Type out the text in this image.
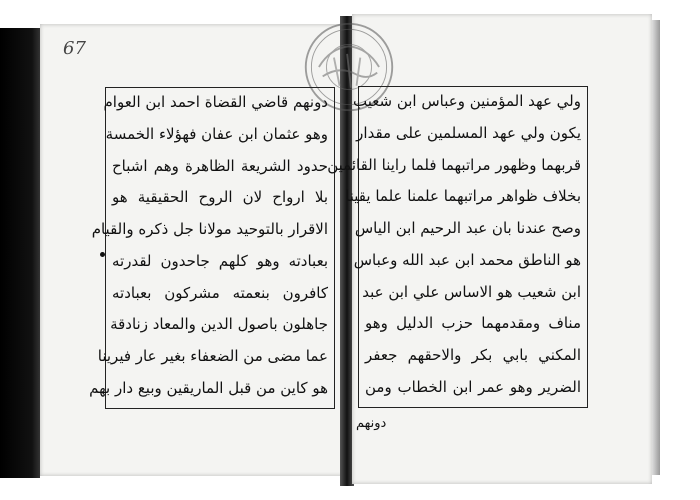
67
دونهم قاضي القضاة احمد ابن العوام
وهو عثمان ابن عفان فهؤلاء الخمسة
حدود الشريعة الظاهرة وهم اشباح
بلا ارواح لان الروح الحقيقية هو
الاقرار بالتوحيد مولانا جل ذكره والقيام
بعبادته وهو كلهم جاحدون لقدرته
كافرون بنعمته مشركون بعبادته
جاهلون باصول الدين والمعاد زنادقة
عما مضى من الضعفاء بغير عار فيرينا
هو كاين من قبل الماريقين وبيع دار بهم
ولي عهد المؤمنين وعباس ابن شعيب
يكون ولي عهد المسلمين على مقدار
قربهما وظهور مراتبهما فلما راينا القائمين
بخلاف ظواهر مراتبهما علمنا علما يقينا
وصح عندنا بان عبد الرحيم ابن الياس
هو الناطق محمد ابن عبد الله وعباس
ابن شعيب هو الاساس علي ابن عبد
مناف ومقدمهما حزب الدليل وهو
المكني بابي بكر والاحقهم جعفر
الضرير وهو عمر ابن الخطاب ومن
دونهم
